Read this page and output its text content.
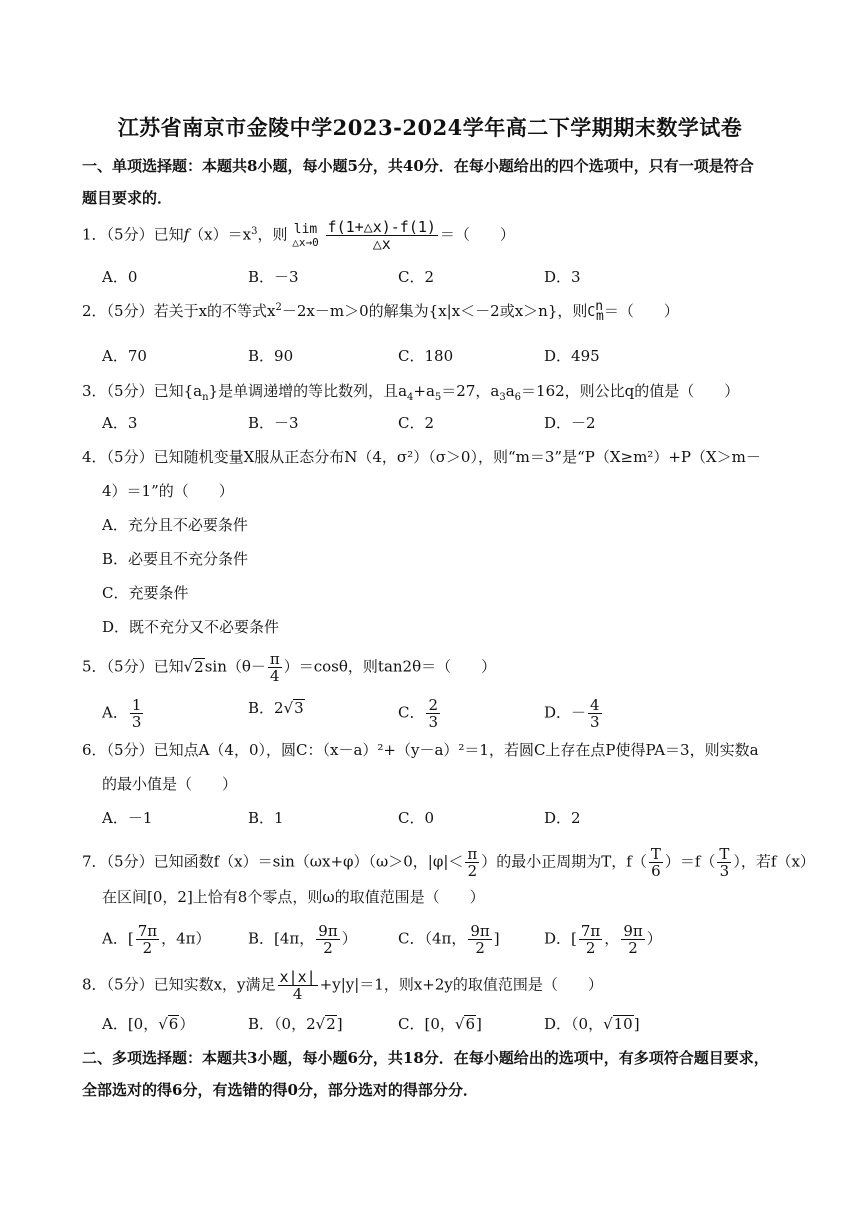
江苏省南京市金陵中学2023-2024学年高二下学期期末数学试卷
一、单项选择题：本题共8小题，每小题5分，共40分．在每小题给出的四个选项中，只有一项是符合
题目要求的．
1．（5分）已知$f(x)=x^3$，则 lim
△x→0
$\frac{f(1+\triangle x)-f(1)}{\triangle x}$ ＝（　　）
A．0	B．－3	C．2	D．3
2．（5分）若关于x的不等式$x^2-2x-m>0$的解集为{x|x＜－2或x＞n}，则Cnm＝（　　）
A．70	B．90	C．180	D．495
3．（5分）已知$\{a_n\}$是单调递增的等比数列，且$a_4+a_5=27$，$a_3a_6=162$，则公比q的值是（　　）
A．3	B．－3	C．2	D．－2
4．（5分）已知随机变量X服从正态分布N（4，σ²）（σ＞0），则“m＝3”是“P（X≥m²）+P（X＞m－
4）＝1”的（　　）
A．充分且不必要条件
B．必要且不充分条件
C．充要条件
D．既不充分又不必要条件
5．（5分）已知$√2\sin(\theta- \frac{\pi}{4} )=\cos\theta$，则tan2θ＝（　　）
A． $\frac{1}{3}$	B．2√3	C． $\frac{2}{3}$	D．－ $\frac{4}{3}$
6．（5分）已知点A（4，0），圆C：（x－a）²+（y－a）²＝1，若圆C上存在点P使得PA＝3，则实数a
的最小值是（　　）
A．－1	B．1	C．0	D．2
7．（5分）已知函数f（x）＝sin（ωx+φ）（ω＞0，$|\varphi|< \frac{\pi}{2}$ ）的最小正周期为T，$f( \frac{T}{6} )=f( \frac{T}{3}$ ），若f（x）
在区间[0，2]上恰有8个零点，则ω的取值范围是（　　）
A．[ $\frac{7\pi}{2}$ ，4π）	B．[4π， $\frac{9\pi}{2}$ ）	C．（4π， $\frac{9\pi}{2}$ ]	D．[ $\frac{7\pi}{2}$ ， $\frac{9\pi}{2}$ ）
8．（5分）已知实数x，y满足 $\frac{x|x|}{4} +y|y|=1$，则x+2y的取值范围是（　　）
A．[0，√6）	B．（0，2√2]	C．[0，√6]	D．（0，√10]
二、多项选择题：本题共3小题，每小题6分，共18分．在每小题给出的选项中，有多项符合题目要求，
全部选对的得6分，有选错的得0分，部分选对的得部分分．
